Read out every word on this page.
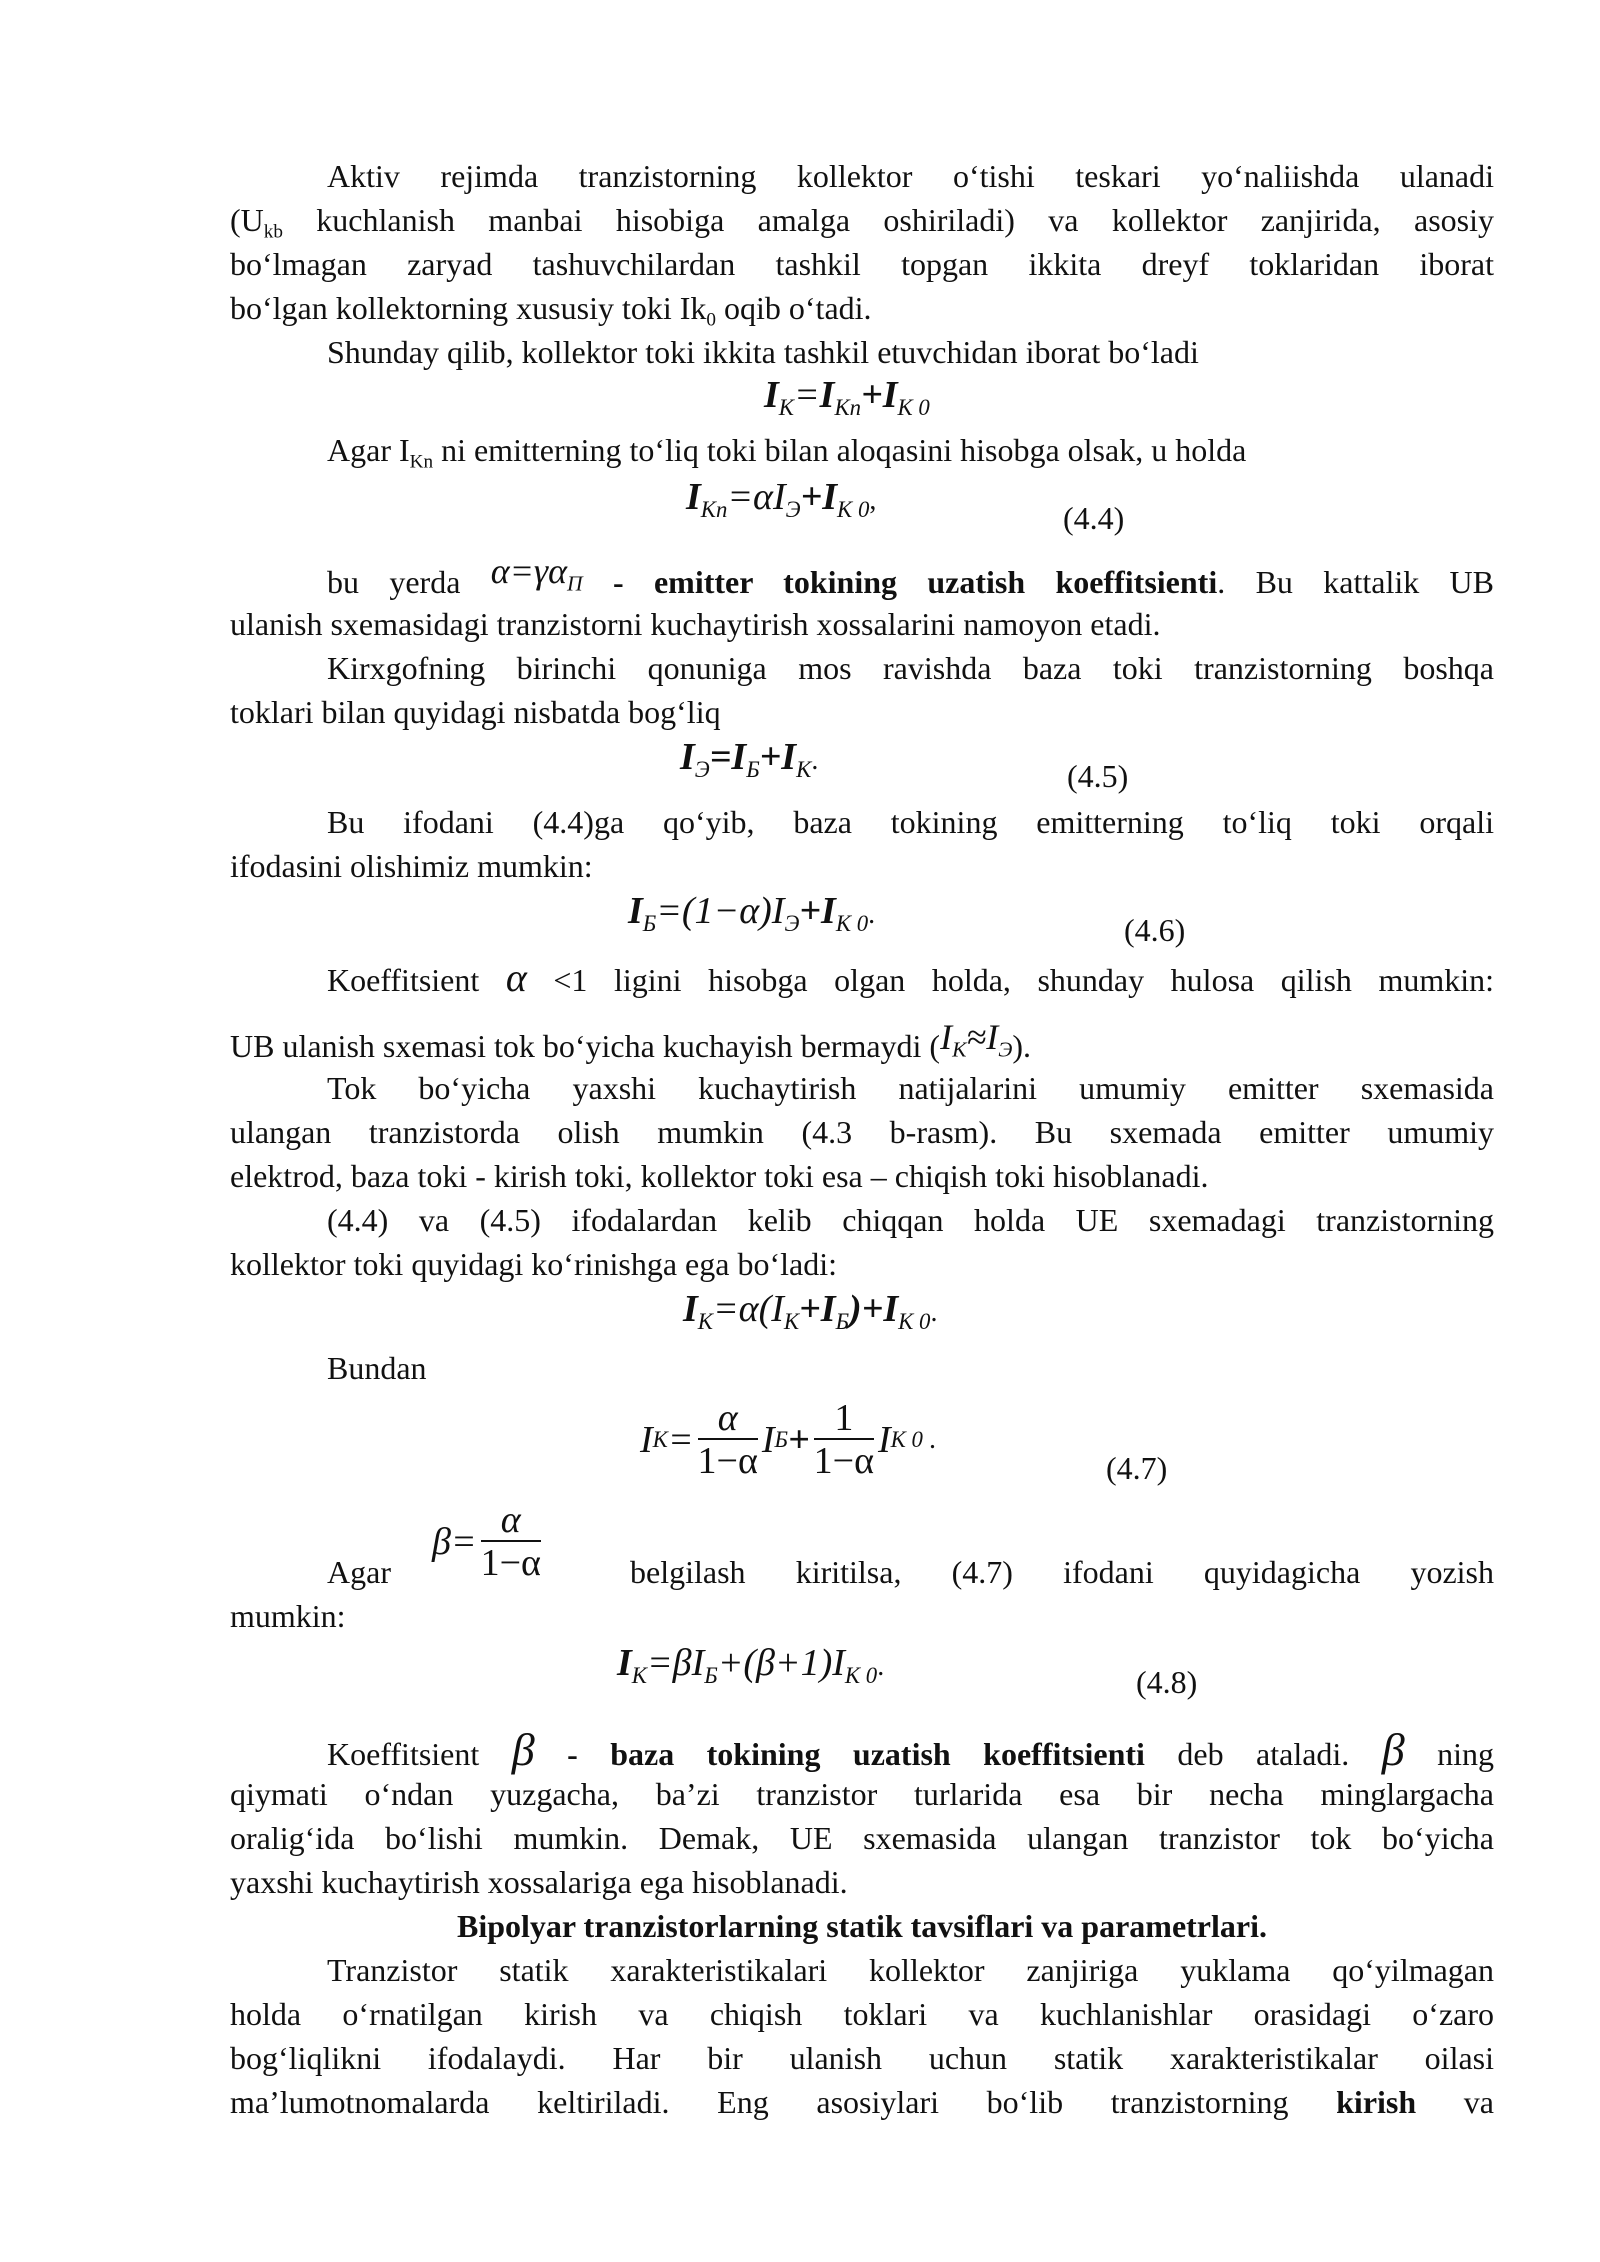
Aktiv rejimda tranzistorning kollektor o‘tishi teskari yo‘naliishda ulanadi
($U_{kb}$ kuchlanish manbai hisobiga amalga oshiriladi) va kollektor zanjirida, asosiy
bo‘lmagan zaryad tashuvchilardan tashkil topgan ikkita dreyf toklaridan iborat
bo‘lgan kollektorning xususiy toki $Ik_0$ oqib o‘tadi.
Shunday qilib, kollektor toki ikkita tashkil etuvchidan iborat bo‘ladi
$I_K=I_{Kn}+I_{K 0}$
Agar $I_{Kn}$ ni emitterning to‘liq toki bilan aloqasini hisobga olsak, u holda
$I_{Kn}=\alpha I_Э+I_{K 0}$,	(4.4)
bu yerda $\alpha=\gamma\alpha_П$ - emitter tokining uzatish koeffitsienti. Bu kattalik UB
ulanish sxemasidagi tranzistorni kuchaytirish xossalarini namoyon etadi.
Kirxgofning birinchi qonuniga mos ravishda baza toki tranzistorning boshqa
toklari bilan quyidagi nisbatda bog‘liq
$I_Э=I_Б+I_K$.	(4.5)
Bu ifodani (4.4)ga qo‘yib, baza tokining emitterning to‘liq toki orqali
ifodasini olishimiz mumkin:
$I_Б=(1-\alpha)I_Э+I_{K 0}$.	(4.6)
Koeffitsient α <1 ligini hisobga olgan holda, shunday hulosa qilish mumkin:
UB ulanish sxemasi tok bo‘yicha kuchayish bermaydi $(I_K\approx I_Э)$.
Tok bo‘yicha yaxshi kuchaytirish natijalarini umumiy emitter sxemasida
ulangan tranzistorda olish mumkin (4.3 b-rasm). Bu sxemada emitter umumiy
elektrod, baza toki - kirish toki, kollektor toki esa – chiqish toki hisoblanadi.
(4.4) va (4.5) ifodalardan kelib chiqqan holda UE sxemadagi tranzistorning
kollektor toki quyidagi ko‘rinishga ega bo‘ladi:
$I_K=\alpha(I_K+I_Б)+I_{K 0}$.
Bundan
I $K = \frac{\alpha}{1-\alpha}$ I $Б + \frac{1}{1-\alpha}$ I K 0 .
(4.7)
Agar
$\beta= \frac{\alpha}{1-\alpha}$	belgilash kiritilsa, (4.7) ifodani quyidagicha yozish
mumkin:
$I_K=\beta I_Б+(\beta+1)I_{K 0}$.	(4.8)
Koeffitsient β - baza tokining uzatish koeffitsienti deb ataladi. β ning
qiymati o‘ndan yuzgacha, ba’zi tranzistor turlarida esa bir necha minglargacha
oralig‘ida bo‘lishi mumkin. Demak, UE sxemasida ulangan tranzistor tok bo‘yicha
yaxshi kuchaytirish xossalariga ega hisoblanadi.
Bipolyar tranzistorlarning statik tavsiflari va parametrlari.
Tranzistor statik xarakteristikalari kollektor zanjiriga yuklama qo‘yilmagan
holda o‘rnatilgan kirish va chiqish toklari va kuchlanishlar orasidagi o‘zaro
bog‘liqlikni ifodalaydi. Har bir ulanish uchun statik xarakteristikalar oilasi
ma’lumotnomalarda keltiriladi. Eng asosiylari bo‘lib tranzistorning kirish va
